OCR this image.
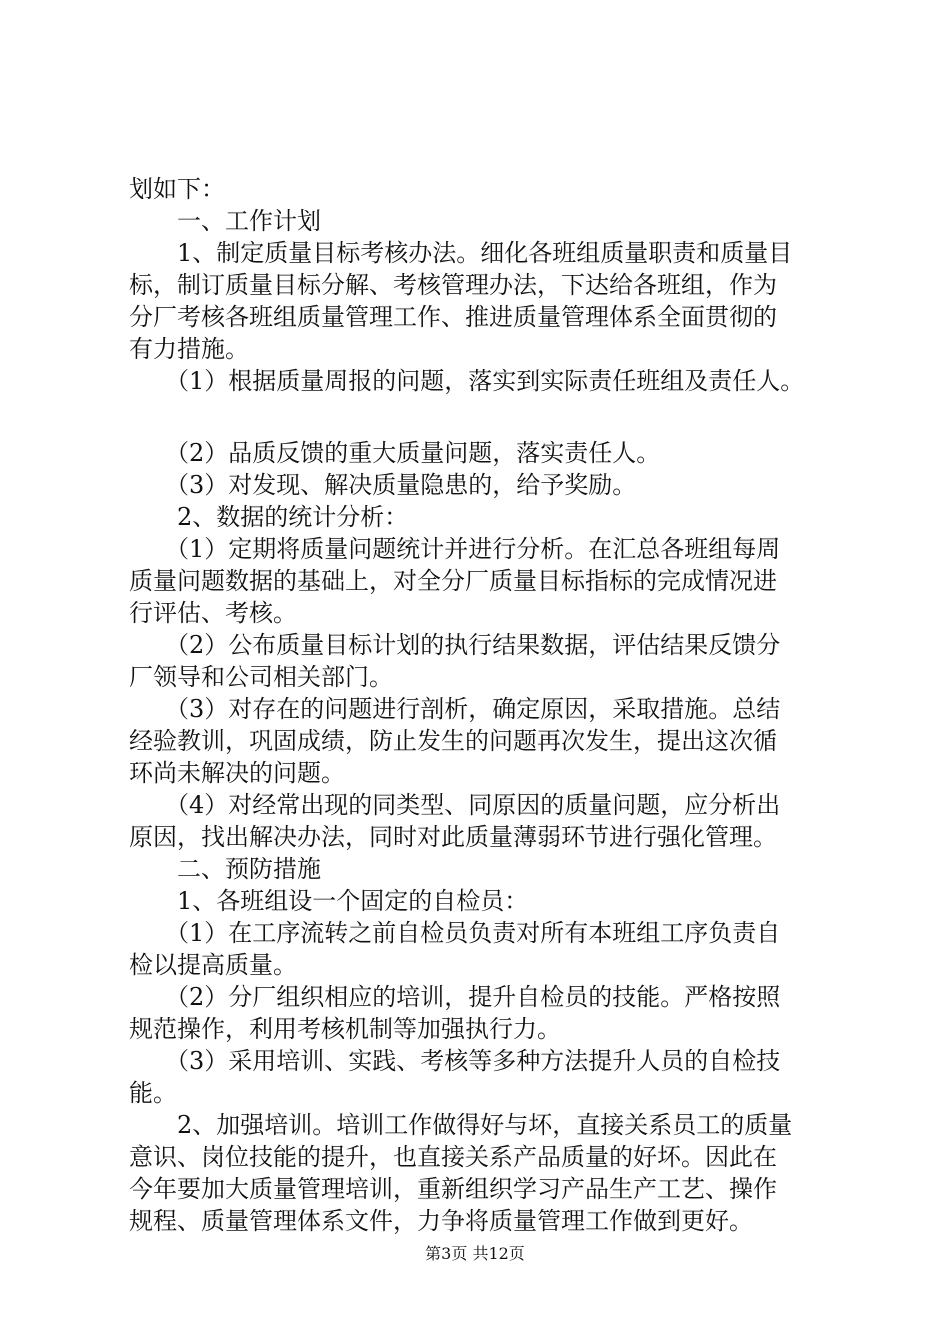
划如下：
　　一、工作计划
　　1、制定质量目标考核办法。细化各班组质量职责和质量目
标，制订质量目标分解、考核管理办法，下达给各班组，作为
分厂考核各班组质量管理工作、推进质量管理体系全面贯彻的
有力措施。
　　（1）根据质量周报的问题，落实到实际责任班组及责任人。
　　（2）品质反馈的重大质量问题，落实责任人。
　　（3）对发现、解决质量隐患的，给予奖励。
　　2、数据的统计分析：
　　（1）定期将质量问题统计并进行分析。在汇总各班组每周
质量问题数据的基础上，对全分厂质量目标指标的完成情况进
行评估、考核。
　　（2）公布质量目标计划的执行结果数据，评估结果反馈分
厂领导和公司相关部门。
　　（3）对存在的问题进行剖析，确定原因，采取措施。总结
经验教训，巩固成绩，防止发生的问题再次发生，提出这次循
环尚未解决的问题。
　　（4）对经常出现的同类型、同原因的质量问题，应分析出
原因，找出解决办法，同时对此质量薄弱环节进行强化管理。
　　二、预防措施
　　1、各班组设一个固定的自检员：
　　（1）在工序流转之前自检员负责对所有本班组工序负责自
检以提高质量。
　　（2）分厂组织相应的培训，提升自检员的技能。严格按照
规范操作，利用考核机制等加强执行力。
　　（3）采用培训、实践、考核等多种方法提升人员的自检技
能。
　　2、加强培训。培训工作做得好与坏，直接关系员工的质量
意识、岗位技能的提升，也直接关系产品质量的好坏。因此在
今年要加大质量管理培训，重新组织学习产品生产工艺、操作
规程、质量管理体系文件，力争将质量管理工作做到更好。
第3页 共12页
